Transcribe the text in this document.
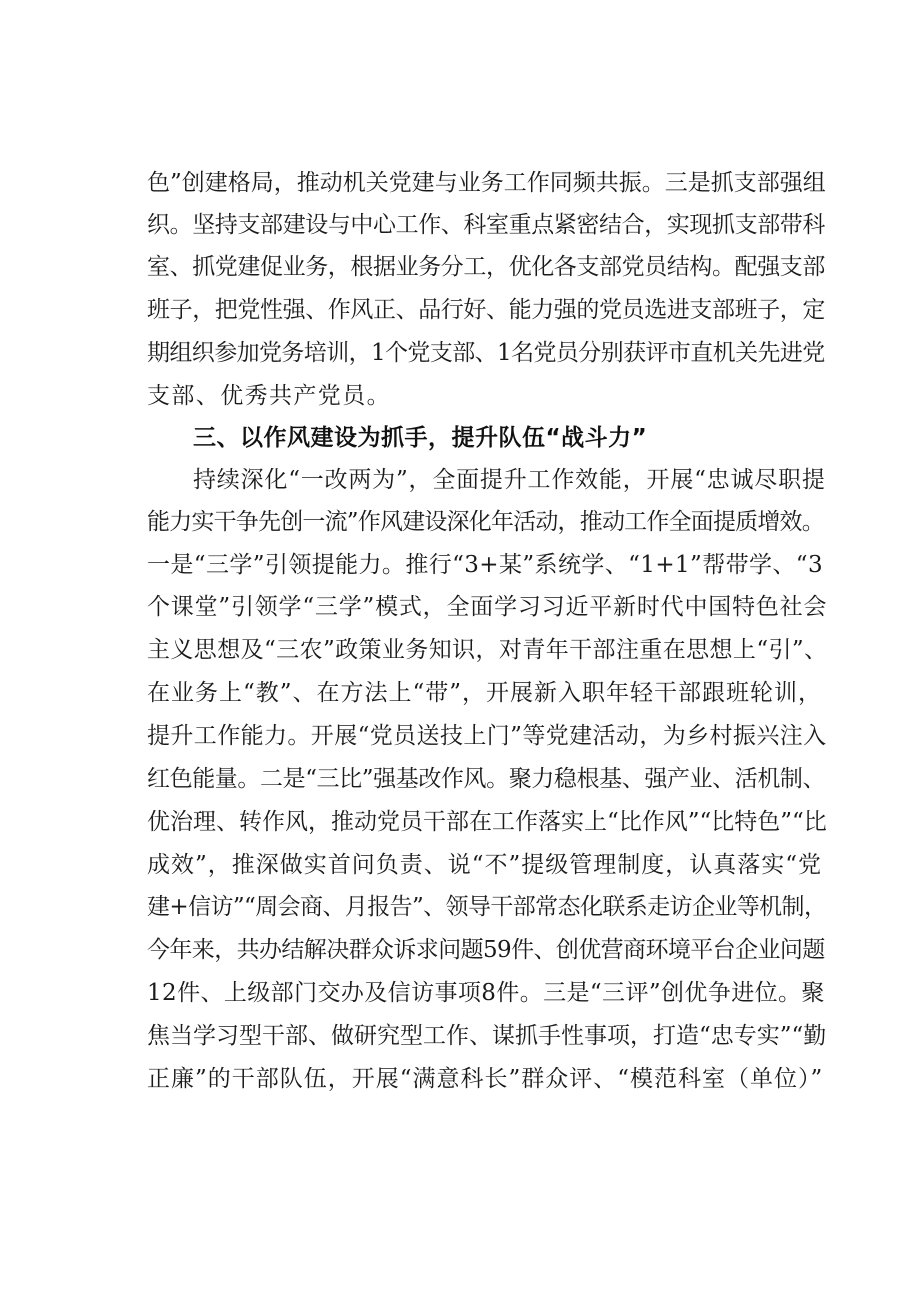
色”创建格局，推动机关党建与业务工作同频共振。三是抓支部强组
织。坚持支部建设与中心工作、科室重点紧密结合，实现抓支部带科
室、抓党建促业务，根据业务分工，优化各支部党员结构。配强支部
班子，把党性强、作风正、品行好、能力强的党员选进支部班子，定
期组织参加党务培训，1个党支部、1名党员分别获评市直机关先进党
支部、优秀共产党员。
三、以作风建设为抓手，提升队伍“战斗力”
持续深化“一改两为”，全面提升工作效能，开展“忠诚尽职提
能力实干争先创一流”作风建设深化年活动，推动工作全面提质增效。
一是“三学”引领提能力。推行“3+某”系统学、“1+1”帮带学、“3
个课堂”引领学“三学”模式，全面学习习近平新时代中国特色社会
主义思想及“三农”政策业务知识，对青年干部注重在思想上“引”、
在业务上“教”、在方法上“带”，开展新入职年轻干部跟班轮训，
提升工作能力。开展“党员送技上门”等党建活动，为乡村振兴注入
红色能量。二是“三比”强基改作风。聚力稳根基、强产业、活机制、
优治理、转作风，推动党员干部在工作落实上“比作风”“比特色”“比
成效”，推深做实首问负责、说“不”提级管理制度，认真落实“党
建+信访”“周会商、月报告”、领导干部常态化联系走访企业等机制，
今年来，共办结解决群众诉求问题59件、创优营商环境平台企业问题
12件、上级部门交办及信访事项8件。三是“三评”创优争进位。聚
焦当学习型干部、做研究型工作、谋抓手性事项，打造“忠专实”“勤
正廉”的干部队伍，开展“满意科长”群众评、“模范科室（单位）”
